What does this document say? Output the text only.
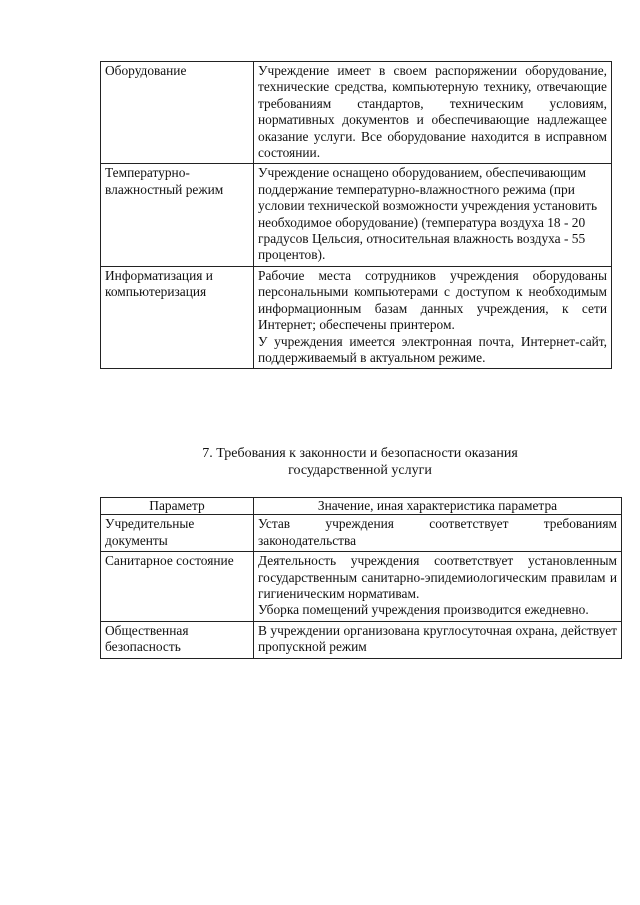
Оборудование	Учреждение имеет в своем распоряжении оборудование, технические средства, компьютерную технику, отвечающие требованиям стандартов, техническим условиям, нормативных документов и обеспечивающие надлежащее оказание услуги. Все оборудование находится в исправном состоянии.

Температурно-влажностный режим	Учреждение оснащено оборудованием, обеспечивающим поддержание температурно-влажностного режима (при условии технической возможности учреждения установить необходимое оборудование) (температура воздуха 18 - 20 градусов Цельсия, относительная влажность воздуха - 55 процентов).

Информатизация и компьютеризация	Рабочие места сотрудников учреждения оборудованы персональными компьютерами с доступом к необходимым информационным базам данных учреждения, к сети Интернет; обеспечены принтером.

У учреждения имеется электронная почта, Интернет-сайт, поддерживаемый в актуальном режиме.

7. Требования к законности и безопасности оказания

государственной услуги

Параметр	Значение, иная характеристика параметра

Учредительные документы	Устав учреждения соответствует требованиям законодательства

Санитарное состояние	Деятельность учреждения соответствует установленным государственным санитарно-эпидемиологическим правилам и гигиеническим нормативам.

Уборка помещений учреждения производится ежедневно.

Общественная безопасность	В учреждении организована круглосуточная охрана, действует пропускной режим
